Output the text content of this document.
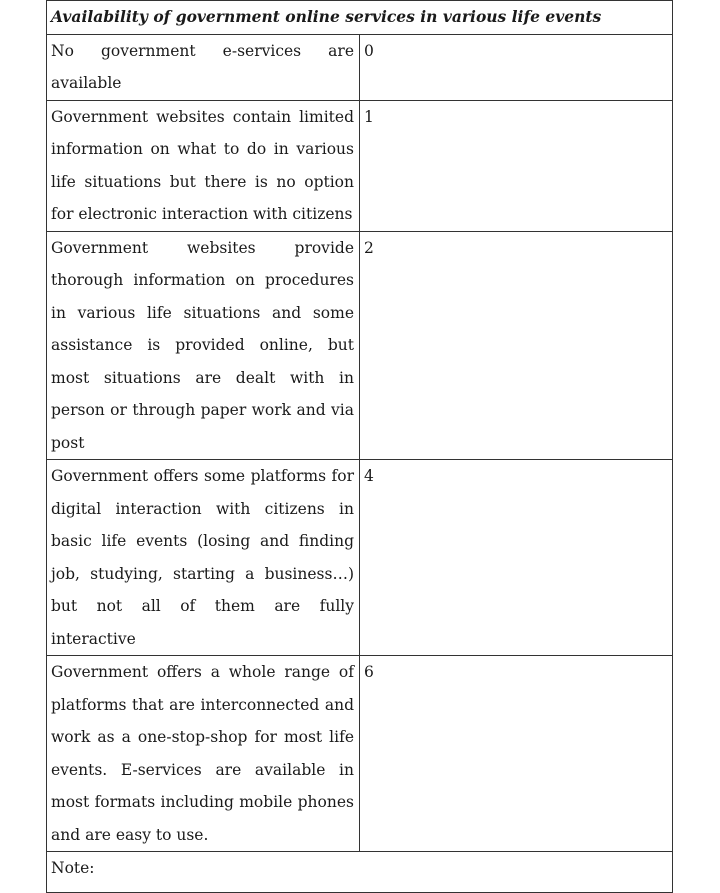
Availability of government online services in various life events	
No government e-services are available	0
Government websites contain limited information on what to do in various life situations but there is no option for electronic interaction with citizens	1
Government websites provide thorough information on procedures in various life situations and some assistance is provided online, but most situations are dealt with in person or through paper work and via post	2
Government offers some platforms for digital interaction with citizens in basic life events (losing and finding job, studying, starting a business…) but not all of them are fully interactive	4
Government offers a whole range of platforms that are interconnected and work as a one-stop-shop for most life events. E-services are available in most formats including mobile phones and are easy to use.	6
Note:	
